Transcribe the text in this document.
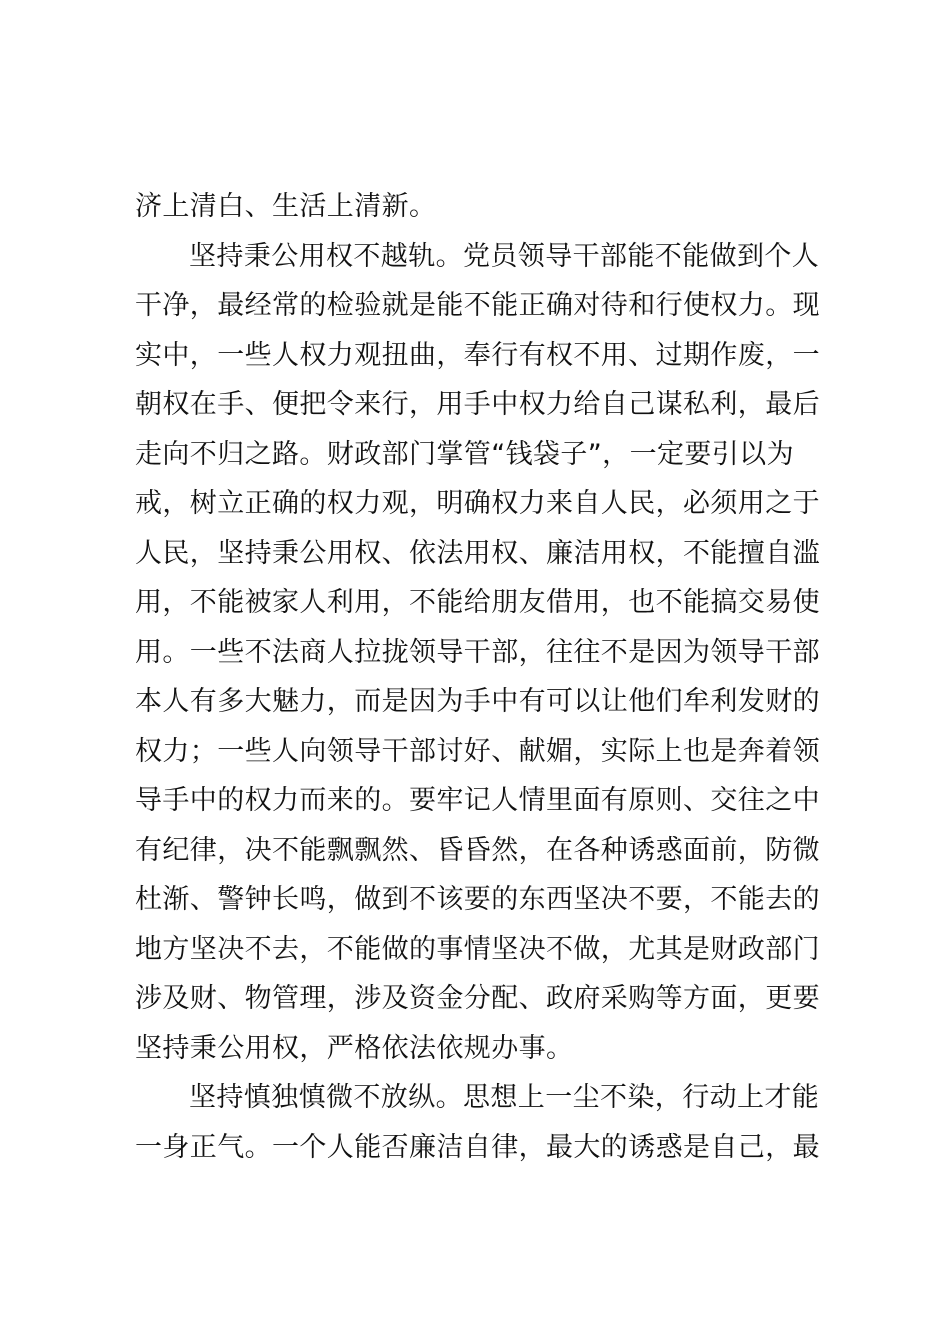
济上清白、生活上清新。
坚持秉公用权不越轨。党员领导干部能不能做到个人
干净，最经常的检验就是能不能正确对待和行使权力。现
实中，一些人权力观扭曲，奉行有权不用、过期作废，一
朝权在手、便把令来行，用手中权力给自己谋私利，最后
走向不归之路。财政部门掌管“钱袋子”，一定要引以为
戒，树立正确的权力观，明确权力来自人民，必须用之于
人民，坚持秉公用权、依法用权、廉洁用权，不能擅自滥
用，不能被家人利用，不能给朋友借用，也不能搞交易使
用。一些不法商人拉拢领导干部，往往不是因为领导干部
本人有多大魅力，而是因为手中有可以让他们牟利发财的
权力；一些人向领导干部讨好、献媚，实际上也是奔着领
导手中的权力而来的。要牢记人情里面有原则、交往之中
有纪律，决不能飘飘然、昏昏然，在各种诱惑面前，防微
杜渐、警钟长鸣，做到不该要的东西坚决不要，不能去的
地方坚决不去，不能做的事情坚决不做，尤其是财政部门
涉及财、物管理，涉及资金分配、政府采购等方面，更要
坚持秉公用权，严格依法依规办事。
坚持慎独慎微不放纵。思想上一尘不染，行动上才能
一身正气。一个人能否廉洁自律，最大的诱惑是自己，最
